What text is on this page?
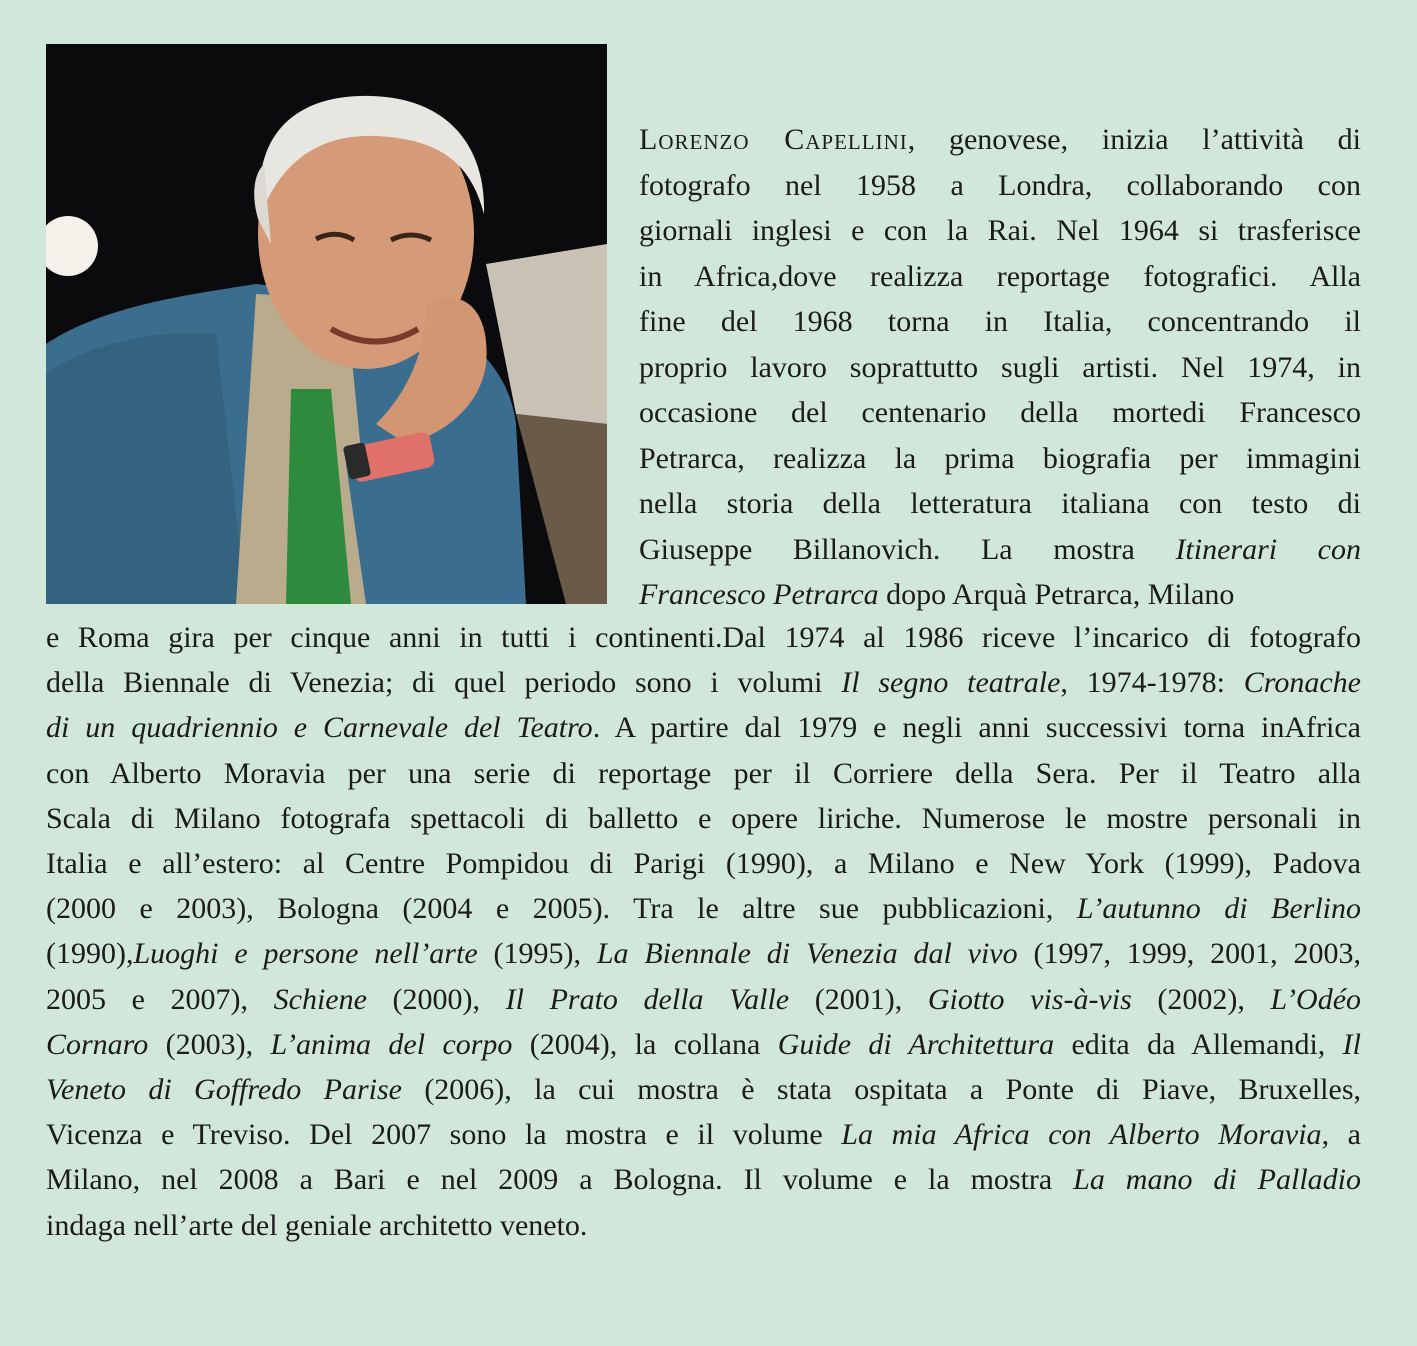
Lorenzo Capellini, genovese, inizia l’attività di
fotografo nel 1958 a Londra, collaborando con
giornali inglesi e con la Rai. Nel 1964 si trasferisce
in Africa,dove realizza reportage fotografici. Alla
fine del 1968 torna in Italia, concentrando il
proprio lavoro soprattutto sugli artisti. Nel 1974, in
occasione del centenario della mortedi Francesco
Petrarca, realizza la prima biografia per immagini
nella storia della letteratura italiana con testo di
Giuseppe Billanovich. La mostra Itinerari con
Francesco Petrarca dopo Arquà Petrarca, Milano
e Roma gira per cinque anni in tutti i continenti.Dal 1974 al 1986 riceve l’incarico di fotografo
della Biennale di Venezia; di quel periodo sono i volumi Il segno teatrale, 1974-1978: Cronache
di un quadriennio e Carnevale del Teatro. A partire dal 1979 e negli anni successivi torna inAfrica
con Alberto Moravia per una serie di reportage per il Corriere della Sera. Per il Teatro alla
Scala di Milano fotografa spettacoli di balletto e opere liriche. Numerose le mostre personali in
Italia e all’estero: al Centre Pompidou di Parigi (1990), a Milano e New York (1999), Padova
(2000 e 2003), Bologna (2004 e 2005). Tra le altre sue pubblicazioni, L’autunno di Berlino
(1990),Luoghi e persone nell’arte (1995), La Biennale di Venezia dal vivo (1997, 1999, 2001, 2003,
2005 e 2007), Schiene (2000), Il Prato della Valle (2001), Giotto vis-à-vis (2002), L’Odéo
Cornaro (2003), L’anima del corpo (2004), la collana Guide di Architettura edita da Allemandi, Il
Veneto di Goffredo Parise (2006), la cui mostra è stata ospitata a Ponte di Piave, Bruxelles,
Vicenza e Treviso. Del 2007 sono la mostra e il volume La mia Africa con Alberto Moravia, a
Milano, nel 2008 a Bari e nel 2009 a Bologna. Il volume e la mostra La mano di Palladio
indaga nell’arte del geniale architetto veneto.
